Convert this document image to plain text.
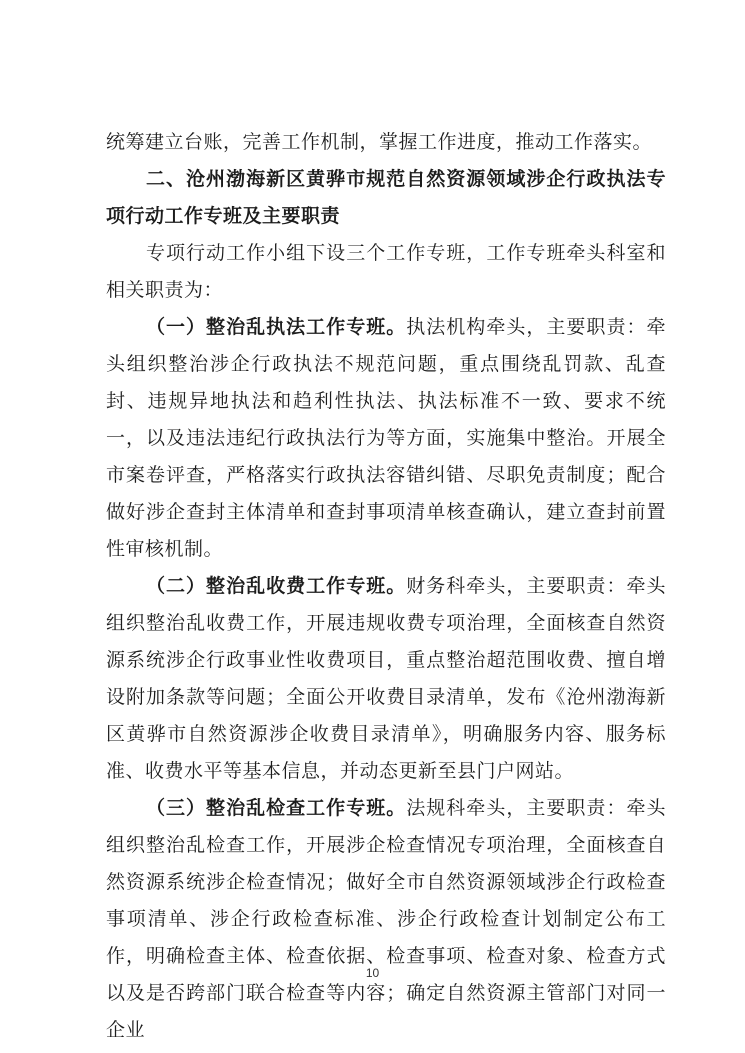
统筹建立台账，完善工作机制，掌握工作进度，推动工作落实。

二、沧州渤海新区黄骅市规范自然资源领域涉企行政执法专项行动工作专班及主要职责

专项行动工作小组下设三个工作专班，工作专班牵头科室和相关职责为：

（一）整治乱执法工作专班。执法机构牵头，主要职责：牵头组织整治涉企行政执法不规范问题，重点围绕乱罚款、乱查封、违规异地执法和趋利性执法、执法标准不一致、要求不统一，以及违法违纪行政执法行为等方面，实施集中整治。开展全市案卷评查，严格落实行政执法容错纠错、尽职免责制度；配合做好涉企查封主体清单和查封事项清单核查确认，建立查封前置性审核机制。

（二）整治乱收费工作专班。财务科牵头，主要职责：牵头组织整治乱收费工作，开展违规收费专项治理，全面核查自然资源系统涉企行政事业性收费项目，重点整治超范围收费、擅自增设附加条款等问题；全面公开收费目录清单，发布《沧州渤海新区黄骅市自然资源涉企收费目录清单》，明确服务内容、服务标准、收费水平等基本信息，并动态更新至县门户网站。

（三）整治乱检查工作专班。法规科牵头，主要职责：牵头组织整治乱检查工作，开展涉企检查情况专项治理，全面核查自然资源系统涉企检查情况；做好全市自然资源领域涉企行政检查事项清单、涉企行政检查标准、涉企行政检查计划制定公布工作，明确检查主体、检查依据、检查事项、检查对象、检查方式以及是否跨部门联合检查等内容；确定自然资源主管部门对同一企业

10
